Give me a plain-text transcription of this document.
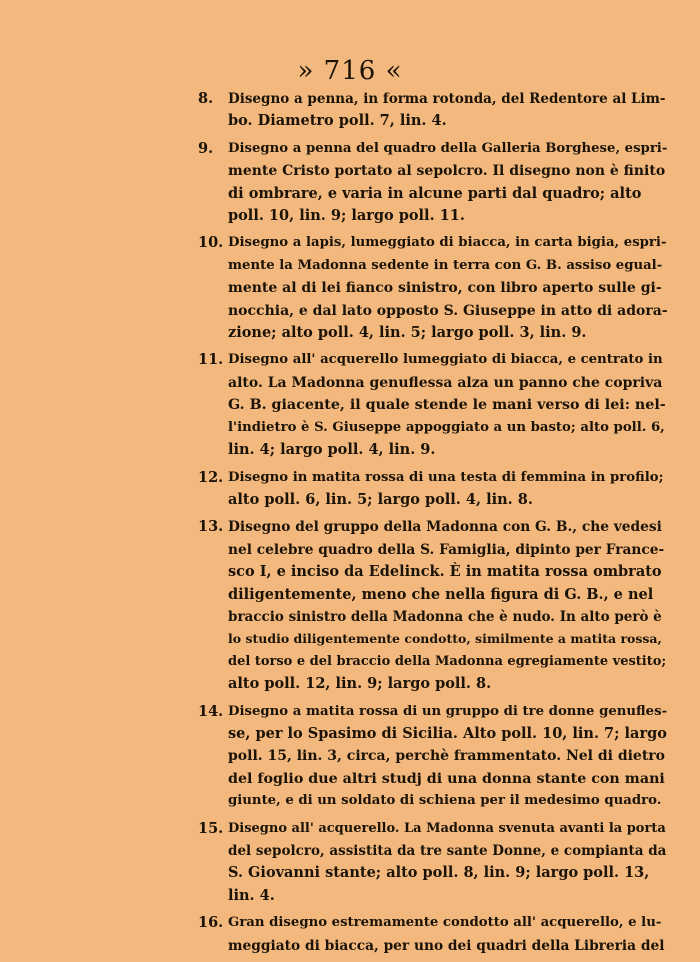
» 716 «
8.	Disegno a penna, in forma rotonda, del Redentore al Lim-
bo. Diametro poll. 7, lin. 4.
9.	Disegno a penna del quadro della Galleria Borghese, espri-
mente Cristo portato al sepolcro. Il disegno non è finito
di ombrare, e varia in alcune parti dal quadro; alto
poll. 10, lin. 9; largo poll. 11.
10. Disegno a lapis, lumeggiato di biacca, in carta bigia, espri-
mente la Madonna sedente in terra con G. B. assiso egual-
mente al di lei fianco sinistro, con libro aperto sulle gi-
nocchia, e dal lato opposto S. Giuseppe in atto di adora-
zione; alto poll. 4, lin. 5; largo poll. 3, lin. 9.
11. Disegno all' acquerello lumeggiato di biacca, e centrato in
alto. La Madonna genuflessa alza un panno che copriva
G. B. giacente, il quale stende le mani verso di lei: nel-
l'indietro è S. Giuseppe appoggiato a un basto; alto poll. 6,
lin. 4; largo poll. 4, lin. 9.
12. Disegno in matita rossa di una testa di femmina in profilo;
alto poll. 6, lin. 5; largo poll. 4, lin. 8.
13. Disegno del gruppo della Madonna con G. B., che vedesi
nel celebre quadro della S. Famiglia, dipinto per France-
sco I, e inciso da Edelinck. È in matita rossa ombrato
diligentemente, meno che nella figura di G. B., e nel
braccio sinistro della Madonna che è nudo. In alto però è
lo studio diligentemente condotto, similmente a matita rossa,
del torso e del braccio della Madonna egregiamente vestito;
alto poll. 12, lin. 9; largo poll. 8.
14. Disegno a matita rossa di un gruppo di tre donne genufles-
se, per lo Spasimo di Sicilia. Alto poll. 10, lin. 7; largo
poll. 15, lin. 3, circa, perchè frammentato. Nel di dietro
del foglio due altri studj di una donna stante con mani
giunte, e di un soldato di schiena per il medesimo quadro.
15. Disegno all' acquerello. La Madonna svenuta avanti la porta
del sepolcro, assistita da tre sante Donne, e compianta da
S. Giovanni stante; alto poll. 8, lin. 9; largo poll. 13,
lin. 4.
16. Gran disegno estremamente condotto all' acquerello, e lu-
meggiato di biacca, per uno dei quadri della Libreria del
